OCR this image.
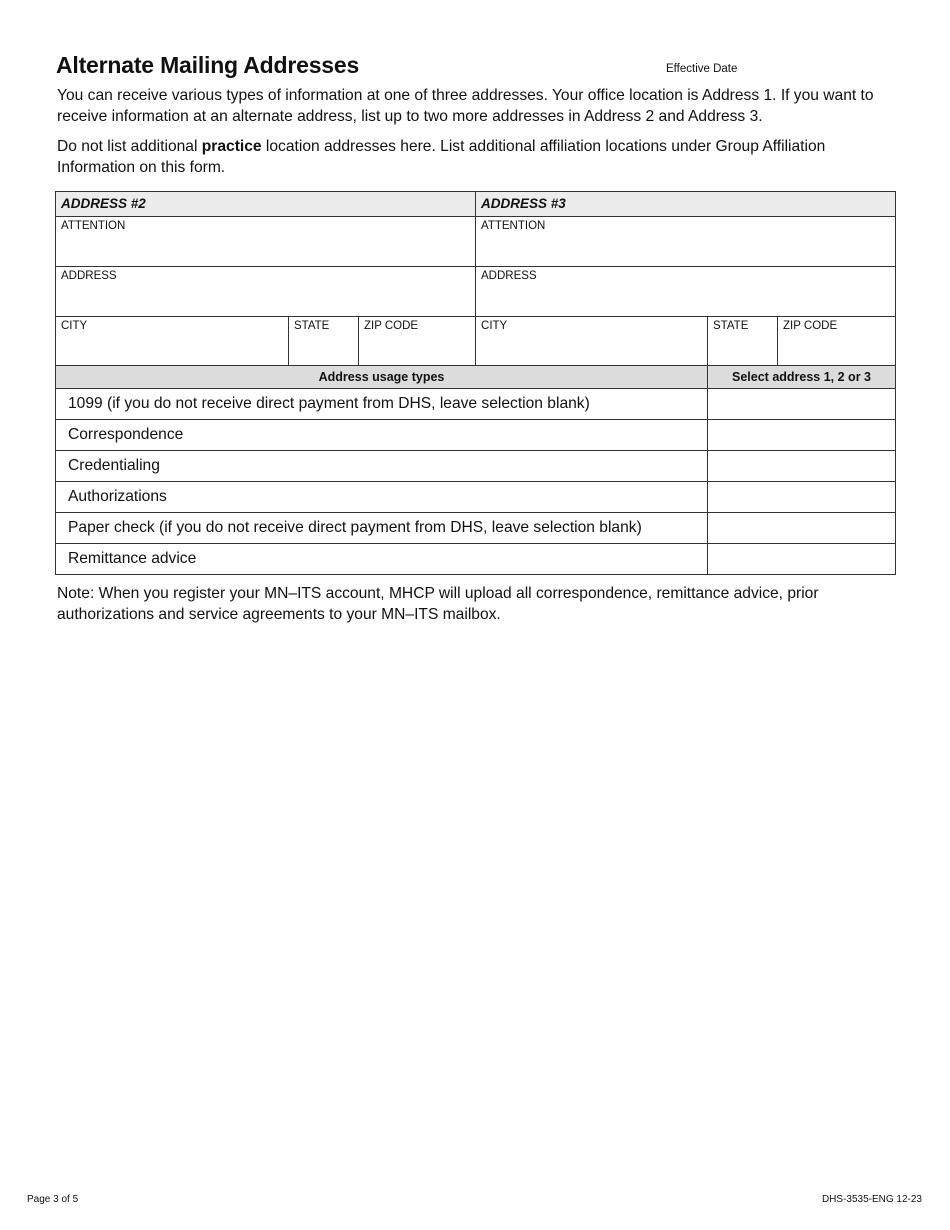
Alternate Mailing Addresses	Effective Date
You can receive various types of information at one of three addresses. Your office location is Address 1. If you want to receive information at an alternate address, list up to two more addresses in Address 2 and Address 3.
Do not list additional practice location addresses here. List additional affiliation locations under Group Affiliation Information on this form.
ADDRESS #2			ADDRESS #3		
ATTENTION			ATTENTION		
ADDRESS			ADDRESS		
CITY	STATE	ZIP CODE	CITY	STATE	ZIP CODE
Address usage types	Select address 1, 2 or 3
1099 (if you do not receive direct payment from DHS, leave selection blank)	
Correspondence	
Credentialing	
Authorizations	
Paper check (if you do not receive direct payment from DHS, leave selection blank)	
Remittance advice	
Note: When you register your MN–ITS account, MHCP will upload all correspondence, remittance advice, prior authorizations and service agreements to your MN–ITS mailbox.
Page 3 of 5	DHS-3535-ENG 12-23
